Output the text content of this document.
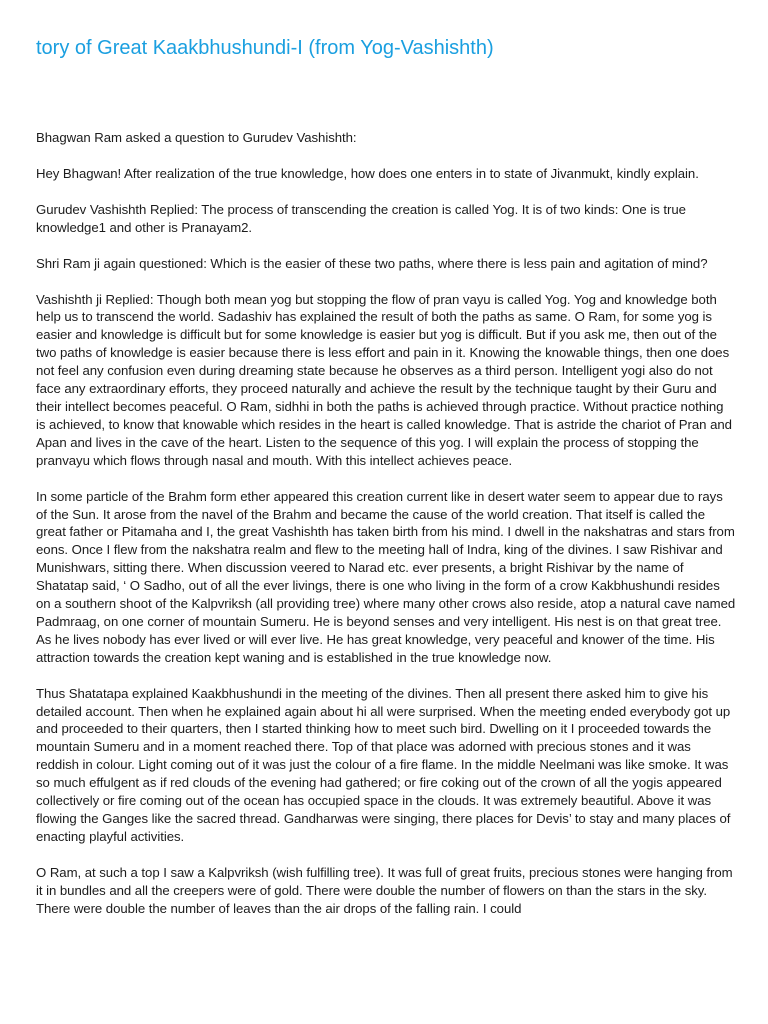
tory of Great Kaakbhushundi-I (from Yog-Vashishth)

Bhagwan Ram asked a question to Gurudev Vashishth:

Hey Bhagwan! After realization of the true knowledge, how does one enters in to state of Jivanmukt, kindly explain.

Gurudev Vashishth Replied: The process of transcending the creation is called Yog. It is of two kinds: One is true knowledge1 and other is Pranayam2.

Shri Ram ji again questioned: Which is the easier of these two paths, where there is less pain and agitation of mind?

Vashishth ji Replied: Though both mean yog but stopping the flow of pran vayu is called Yog. Yog and knowledge both help us to transcend the world. Sadashiv has explained the result of both the paths as same. O Ram, for some yog is easier and knowledge is difficult but for some knowledge is easier but yog is difficult. But if you ask me, then out of the two paths of knowledge is easier because there is less effort and pain in it. Knowing the knowable things, then one does not feel any confusion even during dreaming state because he observes as a third person. Intelligent yogi also do not face any extraordinary efforts, they proceed naturally and achieve the result by the technique taught by their Guru and their intellect becomes peaceful. O Ram, sidhhi in both the paths is achieved through practice. Without practice nothing is achieved, to know that knowable which resides in the heart is called knowledge. That is astride the chariot of Pran and Apan and lives in the cave of the heart. Listen to the sequence of this yog. I will explain the process of stopping the pranvayu which flows through nasal and mouth. With this intellect achieves peace.

In some particle of the Brahm form ether appeared this creation current like in desert water seem to appear due to rays of the Sun. It arose from the navel of the Brahm and became the cause of the world creation. That itself is called the great father or Pitamaha and I, the great Vashishth has taken birth from his mind. I dwell in the nakshatras and stars from eons. Once I flew from the nakshatra realm and flew to the meeting hall of Indra, king of the divines. I saw Rishivar and Munishwars, sitting there. When discussion veered to Narad etc. ever presents, a bright Rishivar by the name of Shatatap said, ‘ O Sadho, out of all the ever livings, there is one who living in the form of a crow Kakbhushundi resides on a southern shoot of the Kalpvriksh (all providing tree) where many other crows also reside, atop a natural cave named Padmraag, on one corner of mountain Sumeru. He is beyond senses and very intelligent. His nest is on that great tree. As he lives nobody has ever lived or will ever live. He has great knowledge, very peaceful and knower of the time. His attraction towards the creation kept waning and is established in the true knowledge now.

Thus Shatatapa explained Kaakbhushundi in the meeting of the divines. Then all present there asked him to give his detailed account. Then when he explained again about hi all were surprised. When the meeting ended everybody got up and proceeded to their quarters, then I started thinking how to meet such bird. Dwelling on it I proceeded towards the mountain Sumeru and in a moment reached there. Top of that place was adorned with precious stones and it was reddish in colour. Light coming out of it was just the colour of a fire flame. In the middle Neelmani was like smoke. It was so much effulgent as if red clouds of the evening had gathered; or fire coking out of the crown of all the yogis appeared collectively or fire coming out of the ocean has occupied space in the clouds. It was extremely beautiful. Above it was flowing the Ganges like the sacred thread. Gandharwas were singing, there places for Devis’ to stay and many places of enacting playful activities.

O Ram, at such a top I saw a Kalpvriksh (wish fulfilling tree). It was full of great fruits, precious stones were hanging from it in bundles and all the creepers were of gold. There were double the number of flowers on than the stars in the sky. There were double the number of leaves than the air drops of the falling rain. I could
